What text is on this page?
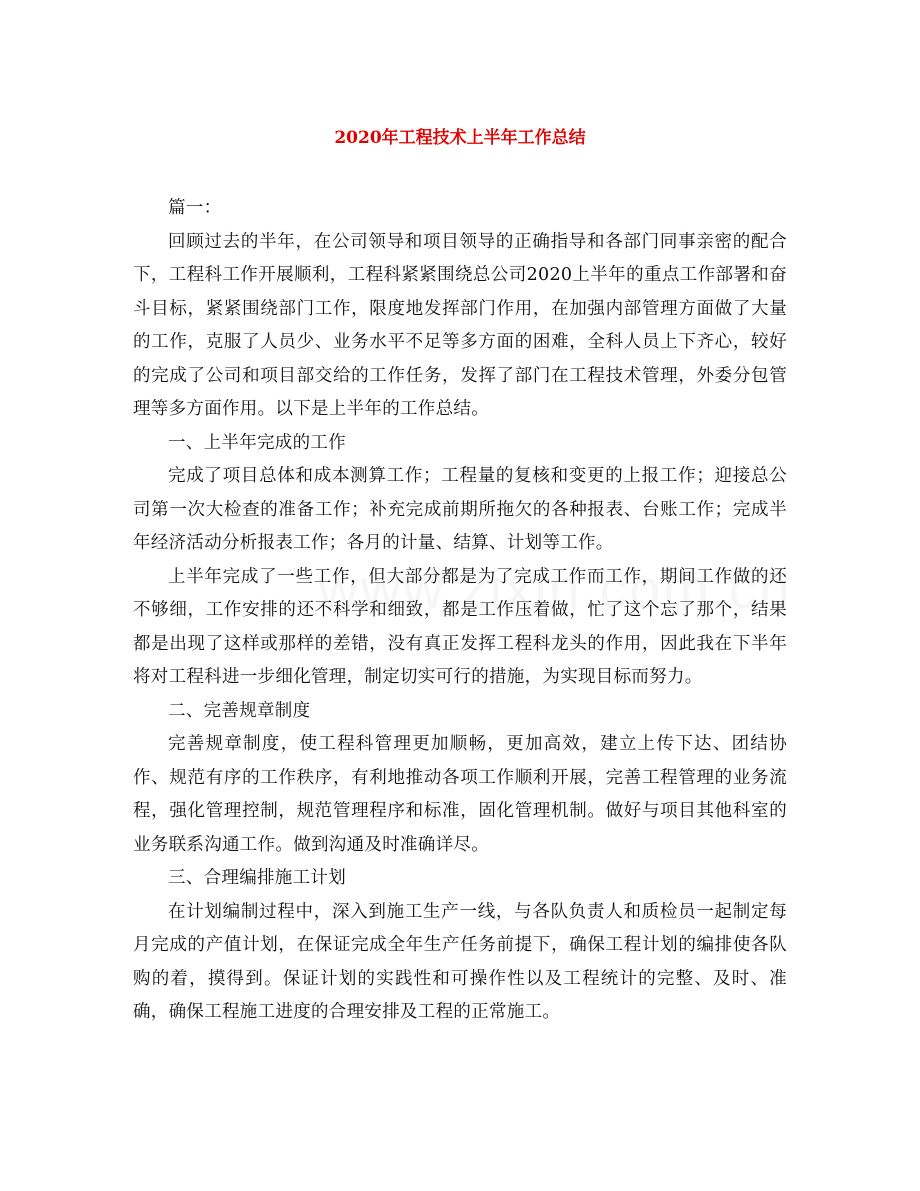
2020年工程技术上半年工作总结

篇一：

回顾过去的半年，在公司领导和项目领导的正确指导和各部门同事亲密的配合下，工程科工作开展顺利，工程科紧紧围绕总公司2020上半年的重点工作部署和奋斗目标，紧紧围绕部门工作，限度地发挥部门作用，在加强内部管理方面做了大量的工作，克服了人员少、业务水平不足等多方面的困难，全科人员上下齐心，较好的完成了公司和项目部交给的工作任务，发挥了部门在工程技术管理，外委分包管理等多方面作用。以下是上半年的工作总结。

一、上半年完成的工作

完成了项目总体和成本测算工作；工程量的复核和变更的上报工作；迎接总公司第一次大检查的准备工作；补充完成前期所拖欠的各种报表、台账工作；完成半年经济活动分析报表工作；各月的计量、结算、计划等工作。

上半年完成了一些工作，但大部分都是为了完成工作而工作，期间工作做的还不够细，工作安排的还不科学和细致，都是工作压着做，忙了这个忘了那个，结果都是出现了这样或那样的差错，没有真正发挥工程科龙头的作用，因此我在下半年将对工程科进一步细化管理，制定切实可行的措施，为实现目标而努力。

二、完善规章制度

完善规章制度，使工程科管理更加顺畅，更加高效，建立上传下达、团结协作、规范有序的工作秩序，有利地推动各项工作顺利开展，完善工程管理的业务流程，强化管理控制，规范管理程序和标准，固化管理机制。做好与项目其他科室的业务联系沟通工作。做到沟通及时准确详尽。

三、合理编排施工计划

在计划编制过程中，深入到施工生产一线，与各队负责人和质检员一起制定每月完成的产值计划，在保证完成全年生产任务前提下，确保工程计划的编排使各队购的着，摸得到。保证计划的实践性和可操作性以及工程统计的完整、及时、准确，确保工程施工进度的合理安排及工程的正常施工。
